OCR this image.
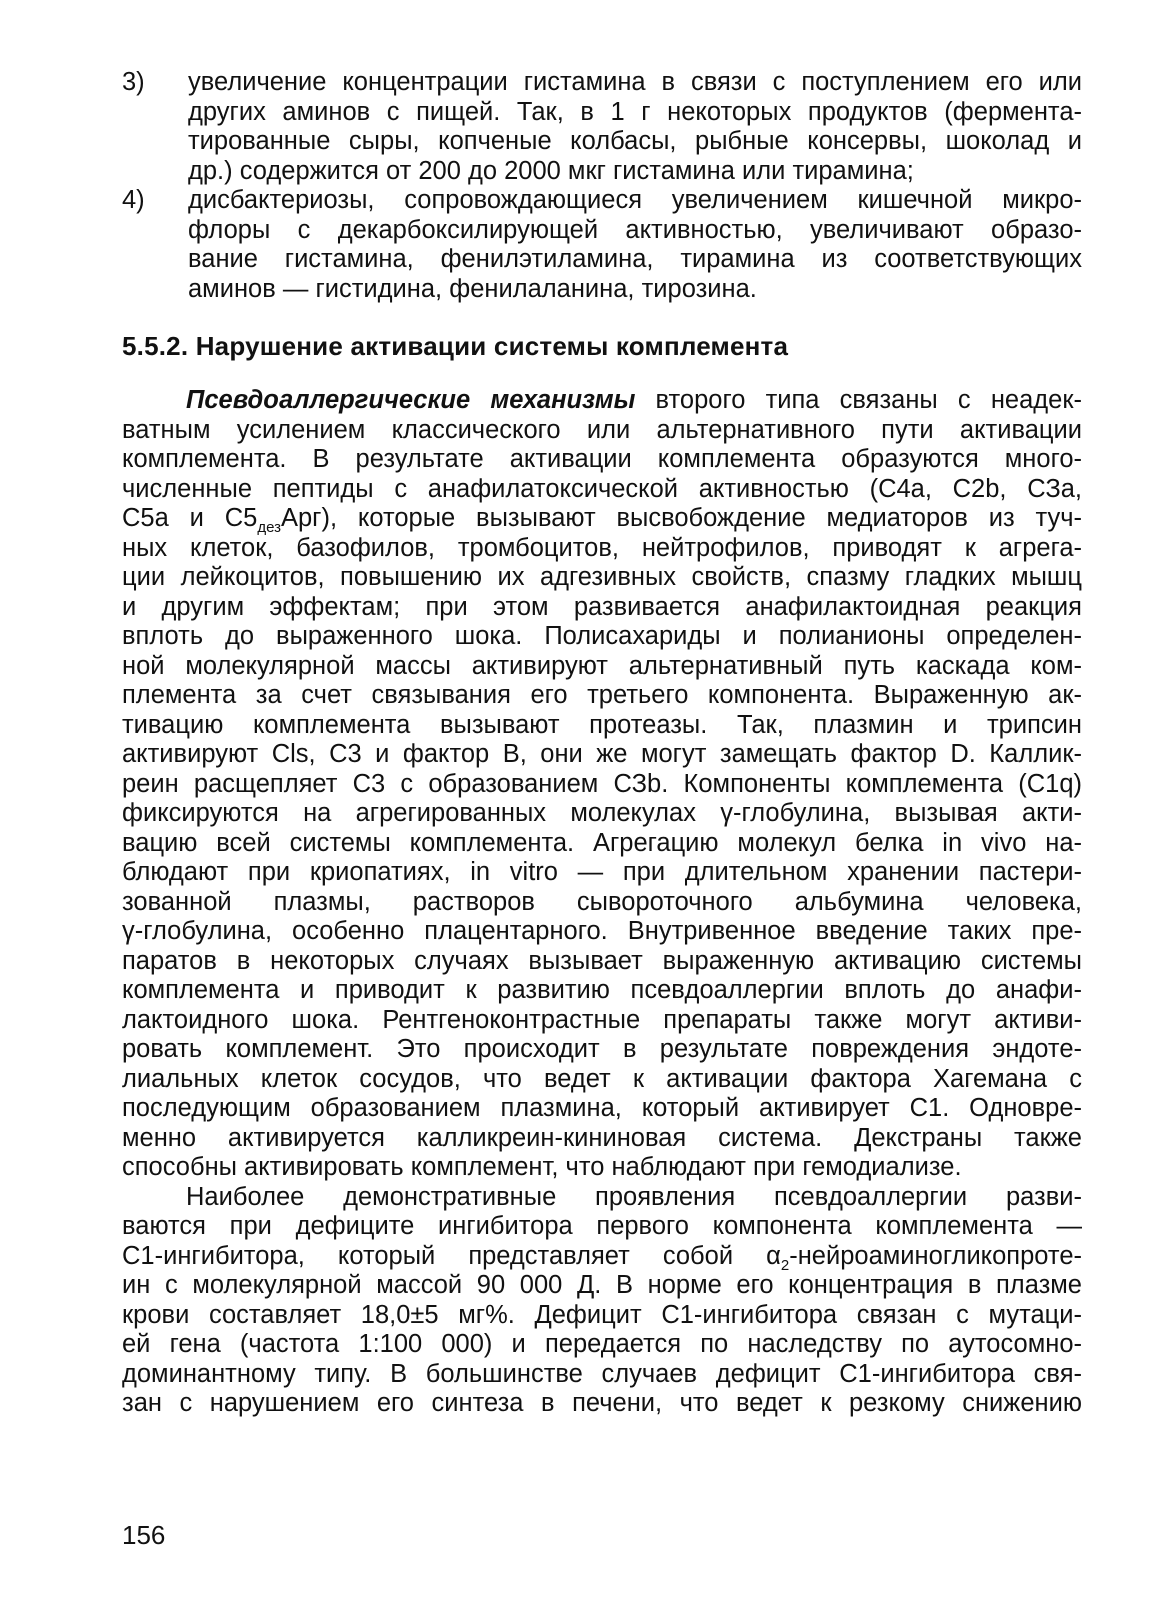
3)	увеличение концентрации гистамина в связи с поступлением его или
других аминов с пищей. Так, в 1 г некоторых продуктов (фермента-
тированные сыры, копченые колбасы, рыбные консервы, шоколад и
др.) содержится от 200 до 2000 мкг гистамина или тирамина;
4)	дисбактериозы, сопровождающиеся увеличением кишечной микро-
флоры с декарбоксилирующей активностью, увеличивают образо-
вание гистамина, фенилэтиламина, тирамина из соответствующих
аминов — гистидина, фенилаланина, тирозина.
5.5.2. Нарушение активации системы комплемента
Псевдоаллергические механизмы второго типа связаны с неадек-
ватным усилением классического или альтернативного пути активации
комплемента. В результате активации комплемента образуются много-
численные пептиды с анафилатоксической активностью (С4а, С2b, СЗа,
С5а и $С5_{дез}Арг$), которые вызывают высвобождение медиаторов из туч-
ных клеток, базофилов, тромбоцитов, нейтрофилов, приводят к агрега-
ции лейкоцитов, повышению их адгезивных свойств, спазму гладких мышц
и другим эффектам; при этом развивается анафилактоидная реакция
вплоть до выраженного шока. Полисахариды и полианионы определен-
ной молекулярной массы активируют альтернативный путь каскада ком-
племента за счет связывания его третьего компонента. Выраженную ак-
тивацию комплемента вызывают протеазы. Так, плазмин и трипсин
активируют Cls, С3 и фактор В, они же могут замещать фактор D. Каллик-
реин расщепляет С3 с образованием СЗb. Компоненты комплемента (С1q)
фиксируются на агрегированных молекулах γ-глобулина, вызывая акти-
вацию всей системы комплемента. Агрегацию молекул белка in vivo на-
блюдают при криопатиях, in vitro — при длительном хранении пастери-
зованной плазмы, растворов сывороточного альбумина человека,
γ-глобулина, особенно плацентарного. Внутривенное введение таких пре-
паратов в некоторых случаях вызывает выраженную активацию системы
комплемента и приводит к развитию псевдоаллергии вплоть до анафи-
лактоидного шока. Рентгеноконтрастные препараты также могут активи-
ровать комплемент. Это происходит в результате повреждения эндоте-
лиальных клеток сосудов, что ведет к активации фактора Хагемана с
последующим образованием плазмина, который активирует С1. Одновре-
менно активируется калликреин-кининовая система. Декстраны также
способны активировать комплемент, что наблюдают при гемодиализе.
Наиболее демонстративные проявления псевдоаллергии разви-
ваются при дефиците ингибитора первого компонента комплемента —
С1-ингибитора, который представляет собой $\alpha_2-нейроаминогликопроте-$
ин с молекулярной массой 90 000 Д. В норме его концентрация в плазме
крови составляет 18,0±5 мг%. Дефицит С1-ингибитора связан с мутаци-
ей гена (частота 1:100 000) и передается по наследству по аутосомно-
доминантному типу. В большинстве случаев дефицит С1-ингибитора свя-
зан с нарушением его синтеза в печени, что ведет к резкому снижению
156
